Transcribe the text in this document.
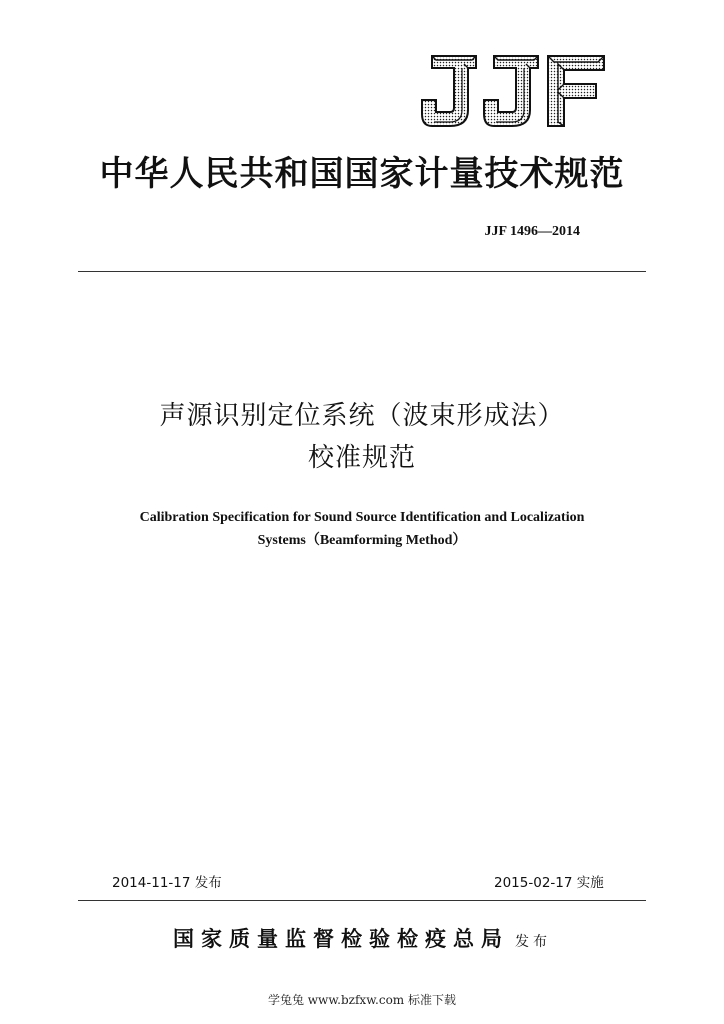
中华人民共和国国家计量技术规范
JJF 1496—2014
声源识别定位系统（波束形成法）
校准规范
Calibration Specification for Sound Source Identification and Localization
Systems（Beamforming Method）
2014-11-17 发布	2015-02-17 实施
国家质量监督检验检疫总局 发布
学兔兔 www.bzfxw.com 标准下载
